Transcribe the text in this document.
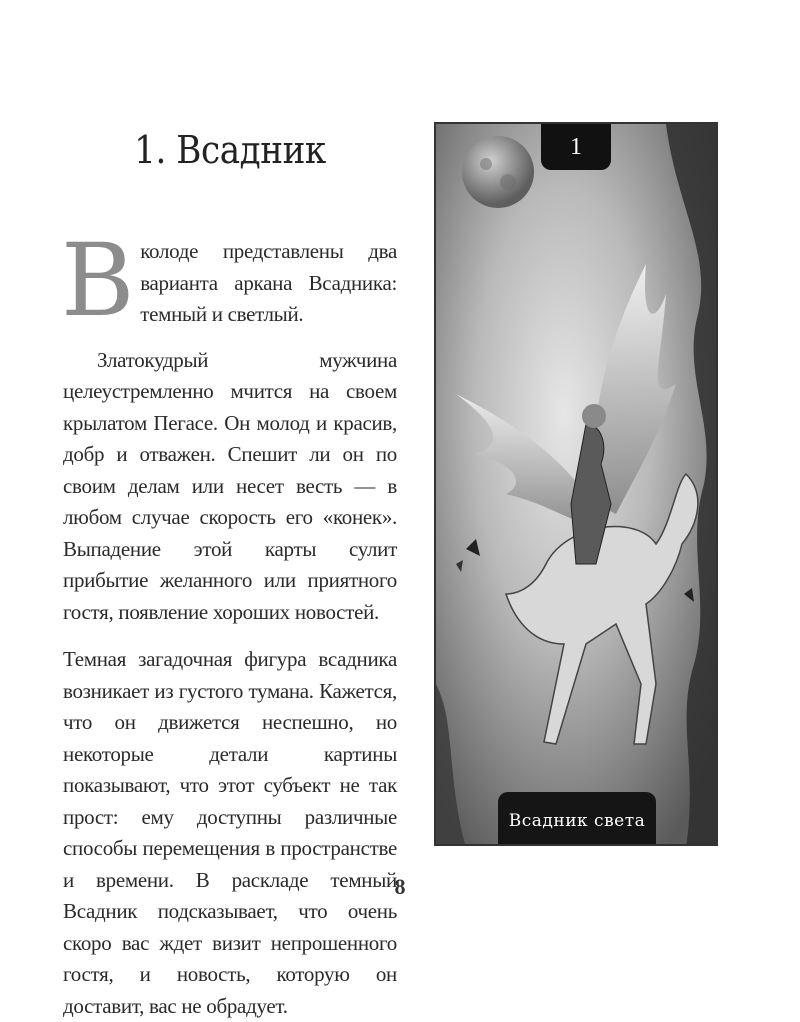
1. Всадник

В колоде представлены два варианта аркана Всадника: темный и светлый.

Златокудрый мужчина целеустремленно мчится на своем крылатом Пегасе. Он молод и красив, добр и отважен. Спешит ли он по своим делам или несет весть — в любом случае скорость его «конек». Выпадение этой карты сулит прибытие желанного или приятного гостя, появление хороших новостей.

Темная загадочная фигура всадника возникает из густого тумана. Кажется, что он движется неспешно, но некоторые детали картины показывают, что этот субъект не так прост: ему доступны различные способы перемещения в пространстве и времени. В раскладе темный Всадник подсказывает, что очень скоро вас ждет визит непрошенного гостя, и новость, которую он доставит, вас не обрадует.

1
Всадник света
8
